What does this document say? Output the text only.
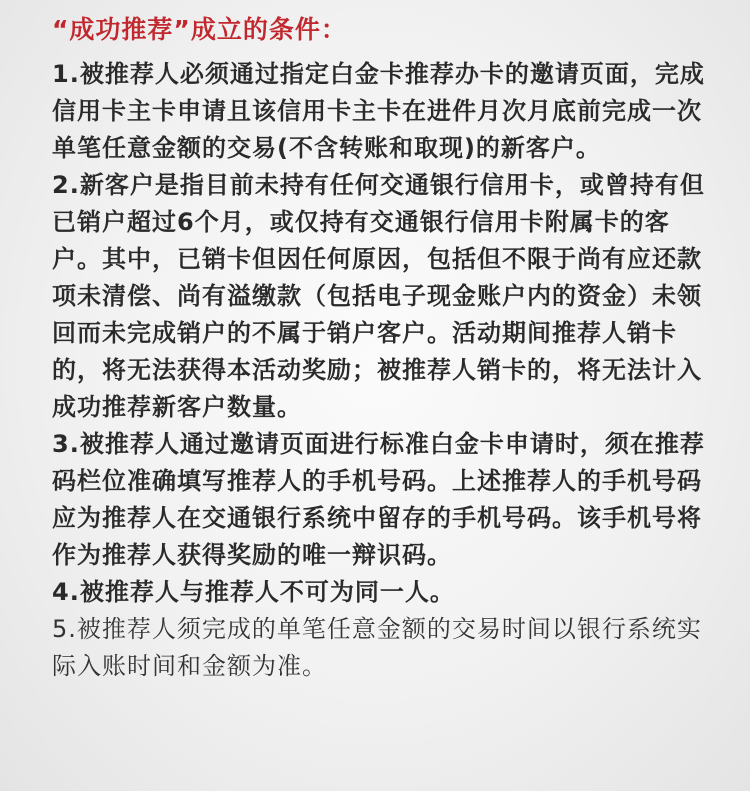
“成功推荐”成立的条件：

1.被推荐人必须通过指定白金卡推荐办卡的邀请页面，完成
信用卡主卡申请且该信用卡主卡在进件月次月底前完成一次
单笔任意金额的交易(不含转账和取现)的新客户。

2.新客户是指目前未持有任何交通银行信用卡，或曾持有但
已销户超过6个月，或仅持有交通银行信用卡附属卡的客
户。其中，已销卡但因任何原因，包括但不限于尚有应还款
项未清偿、尚有溢缴款（包括电子现金账户内的资金）未领
回而未完成销户的不属于销户客户。活动期间推荐人销卡
的，将无法获得本活动奖励；被推荐人销卡的，将无法计入
成功推荐新客户数量。

3.被推荐人通过邀请页面进行标准白金卡申请时，须在推荐
码栏位准确填写推荐人的手机号码。上述推荐人的手机号码
应为推荐人在交通银行系统中留存的手机号码。该手机号将
作为推荐人获得奖励的唯一辩识码。

4.被推荐人与推荐人不可为同一人。

5.被推荐人须完成的单笔任意金额的交易时间以银行系统实
际入账时间和金额为准。
